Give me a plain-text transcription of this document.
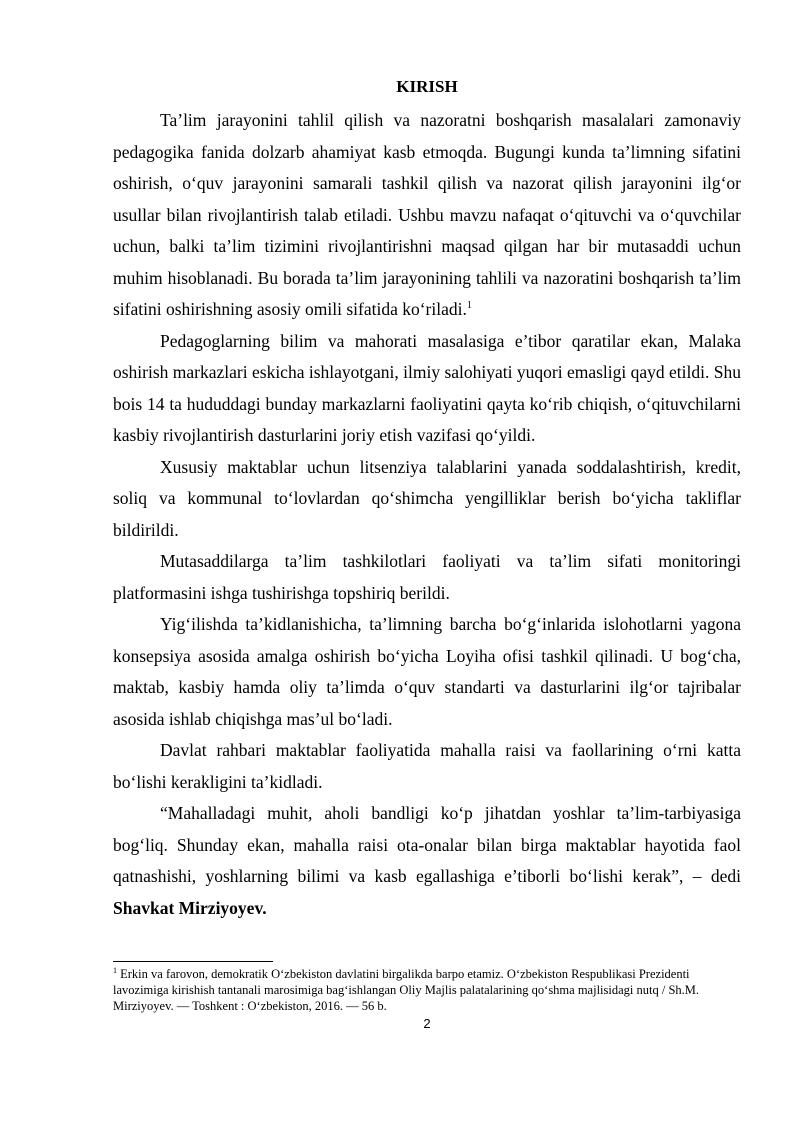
KIRISH

Ta’lim jarayonini tahlil qilish va nazoratni boshqarish masalalari zamonaviy pedagogika fanida dolzarb ahamiyat kasb etmoqda. Bugungi kunda ta’limning sifatini oshirish, o‘quv jarayonini samarali tashkil qilish va nazorat qilish jarayonini ilg‘or usullar bilan rivojlantirish talab etiladi. Ushbu mavzu nafaqat o‘qituvchi va o‘quvchilar uchun, balki ta’lim tizimini rivojlantirishni maqsad qilgan har bir mutasaddi uchun muhim hisoblanadi. Bu borada ta’lim jarayonining tahlili va nazoratini boshqarish ta’lim sifatini oshirishning asosiy omili sifatida ko‘riladi.$^1$

Pedagoglarning bilim va mahorati masalasiga e’tibor qaratilar ekan, Malaka oshirish markazlari eskicha ishlayotgani, ilmiy salohiyati yuqori emasligi qayd etildi. Shu bois 14 ta hududdagi bunday markazlarni faoliyatini qayta ko‘rib chiqish, o‘qituvchilarni kasbiy rivojlantirish dasturlarini joriy etish vazifasi qo‘yildi.

Xususiy maktablar uchun litsenziya talablarini yanada soddalashtirish, kredit, soliq va kommunal to‘lovlardan qo‘shimcha yengilliklar berish bo‘yicha takliflar bildirildi.

Mutasaddilarga ta’lim tashkilotlari faoliyati va ta’lim sifati monitoringi platformasini ishga tushirishga topshiriq berildi.

Yig‘ilishda ta’kidlanishicha, ta’limning barcha bo‘g‘inlarida islohotlarni yagona konsepsiya asosida amalga oshirish bo‘yicha Loyiha ofisi tashkil qilinadi. U bog‘cha, maktab, kasbiy hamda oliy ta’limda o‘quv standarti va dasturlarini ilg‘or tajribalar asosida ishlab chiqishga mas’ul bo‘ladi.

Davlat rahbari maktablar faoliyatida mahalla raisi va faollarining o‘rni katta bo‘lishi kerakligini ta’kidladi.

“Mahalladagi muhit, aholi bandligi ko‘p jihatdan yoshlar ta’lim-tarbiyasiga bog‘liq. Shunday ekan, mahalla raisi ota-onalar bilan birga maktablar hayotida faol qatnashishi, yoshlarning bilimi va kasb egallashiga e’tiborli bo‘lishi kerak”, – dedi Shavkat Mirziyoyev.

$^1$ Erkin va farovon, demokratik O‘zbekiston davlatini birgalikda barpo etamiz. O‘zbekiston Respublikasi Prezidenti lavozimiga kirishish tantanali marosimiga bag‘ishlangan Oliy Majlis palatalarining qo‘shma majlisidagi nutq / Sh.M. Mirziyoyev. — Toshkent : O‘zbekiston, 2016. — 56 b.

2
